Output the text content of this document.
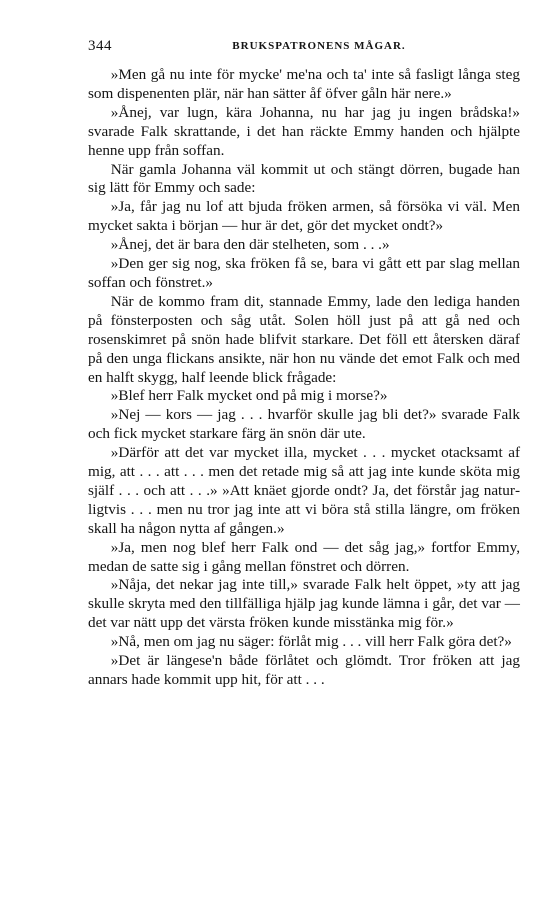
344	BRUKSPATRONENS MÅGAR.

»Men gå nu inte för mycke' me'na och ta' inte så fasligt långa steg som dispenenten plär, när han sätter åf öfver gåln här nere.»

»Ånej, var lugn, kära Johanna, nu har jag ju ingen brådska!» svarade Falk skrattande, i det han räckte Emmy handen och hjälpte henne upp från soffan.

När gamla Johanna väl kommit ut och stängt dörren, bugade han sig lätt för Emmy och sade:

»Ja, får jag nu lof att bjuda fröken armen, så försöka vi väl. Men mycket sakta i början — hur är det, gör det mycket ondt?»

»Ånej, det är bara den där stelheten, som . . .»

»Den ger sig nog, ska fröken få se, bara vi gått ett par slag mellan soffan och fönstret.»

När de kommo fram dit, stannade Emmy, lade den lediga handen på fönsterposten och såg utåt. Solen höll just på att gå ned och rosenskimret på snön hade blifvit starkare. Det föll ett återsken däraf på den unga flickans ansikte, när hon nu vände det emot Falk och med en halft skygg, half leende blick frågade:

»Blef herr Falk mycket ond på mig i morse?»

»Nej — kors — jag . . . hvarför skulle jag bli det?» svarade Falk och fick mycket starkare färg än snön där ute.

»Därför att det var mycket illa, mycket . . . mycket otacksamt af mig, att . . . att . . . men det retade mig så att jag inte kunde sköta mig själf . . . och att . . .» »Att knäet gjorde ondt? Ja, det förstår jag naturligtvis . . . men nu tror jag inte att vi böra stå stilla längre, om fröken skall ha någon nytta af gången.»

»Ja, men nog blef herr Falk ond — det såg jag,» fortfor Emmy, medan de satte sig i gång mellan fönstret och dörren.

»Nåja, det nekar jag inte till,» svarade Falk helt öppet, »ty att jag skulle skryta med den tillfälliga hjälp jag kunde lämna i går, det var — det var nätt upp det värsta fröken kunde misstänka mig för.»

»Nå, men om jag nu säger: förlåt mig . . . vill herr Falk göra det?»

»Det är längese'n både förlåtet och glömdt. Tror fröken att jag annars hade kommit upp hit, för att . . .
